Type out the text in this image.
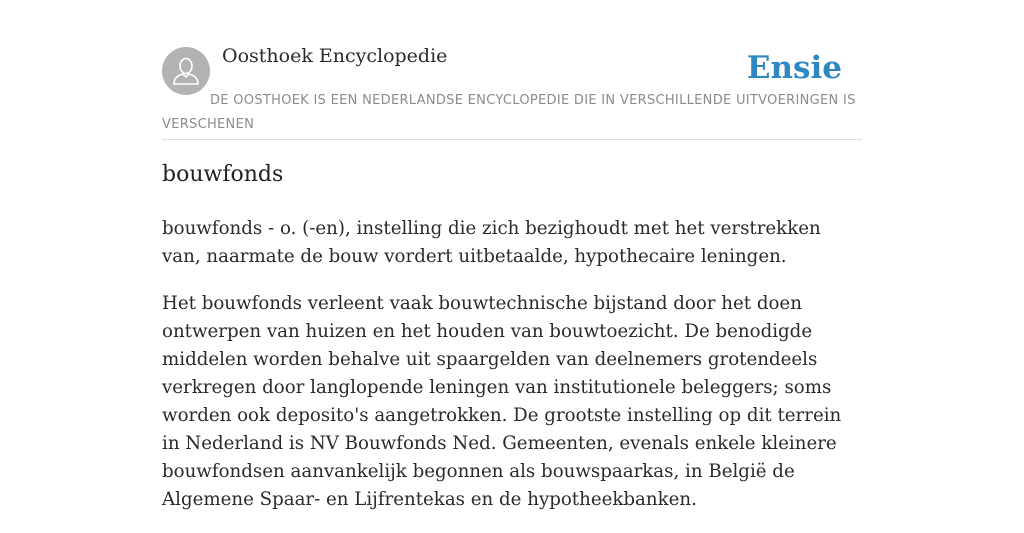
Oosthoek Encyclopedie	Ensie
DE OOSTHOEK IS EEN NEDERLANDSE ENCYCLOPEDIE DIE IN VERSCHILLENDE UITVOERINGEN IS VERSCHENEN
bouwfonds

bouwfonds - o. (-en), instelling die zich bezighoudt met het verstrekken van, naarmate de bouw vordert uitbetaalde, hypothecaire leningen.

Het bouwfonds verleent vaak bouwtechnische bijstand door het doen ontwerpen van huizen en het houden van bouwtoezicht. De benodigde middelen worden behalve uit spaargelden van deelnemers grotendeels verkregen door langlopende leningen van institutionele beleggers; soms worden ook deposito's aangetrokken. De grootste instelling op dit terrein in Nederland is NV Bouwfonds Ned. Gemeenten, evenals enkele kleinere bouwfondsen aanvankelijk begonnen als bouwspaarkas, in België de Algemene Spaar- en Lijfrentekas en de hypotheekbanken.
